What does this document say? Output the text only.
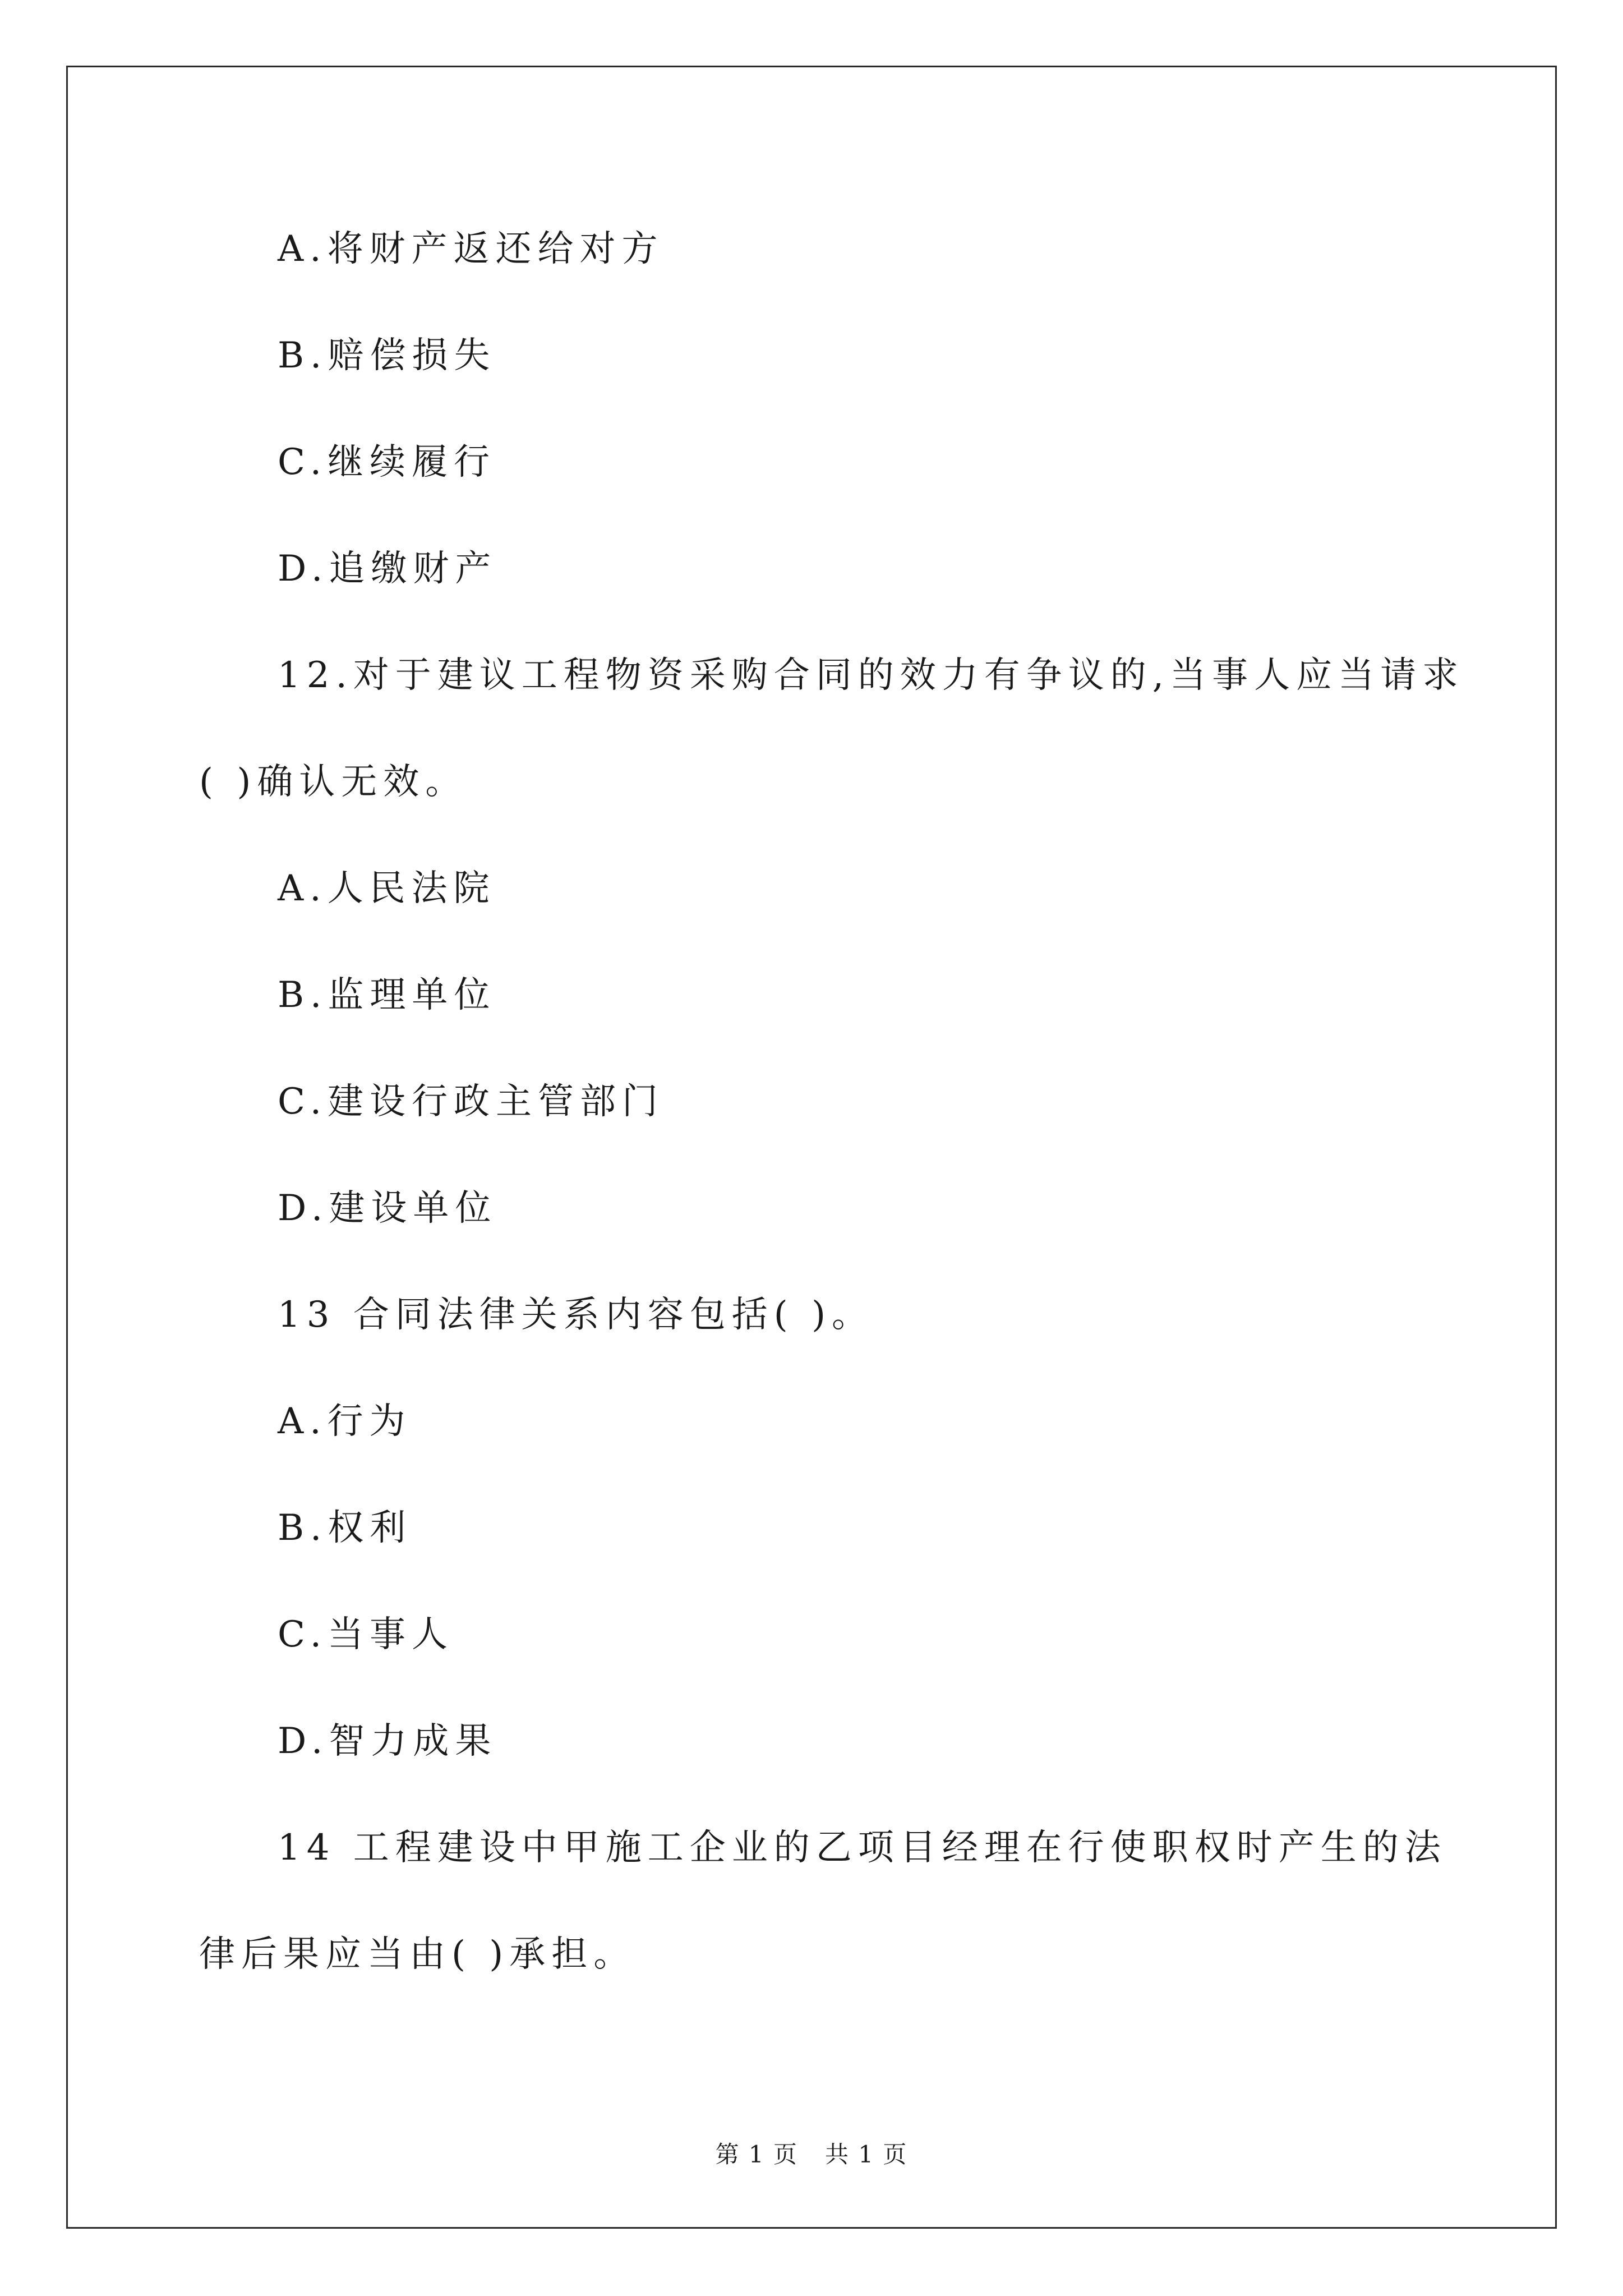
A.将财产返还给对方
B.赔偿损失
C.继续履行
D.追缴财产
12.对于建议工程物资采购合同的效力有争议的,当事人应当请求
( )确认无效。
A.人民法院
B.监理单位
C.建设行政主管部门
D.建设单位
13 合同法律关系内容包括( )。
A.行为
B.权利
C.当事人
D.智力成果
14 工程建设中甲施工企业的乙项目经理在行使职权时产生的法
律后果应当由( )承担。
第 1 页 共 1 页
